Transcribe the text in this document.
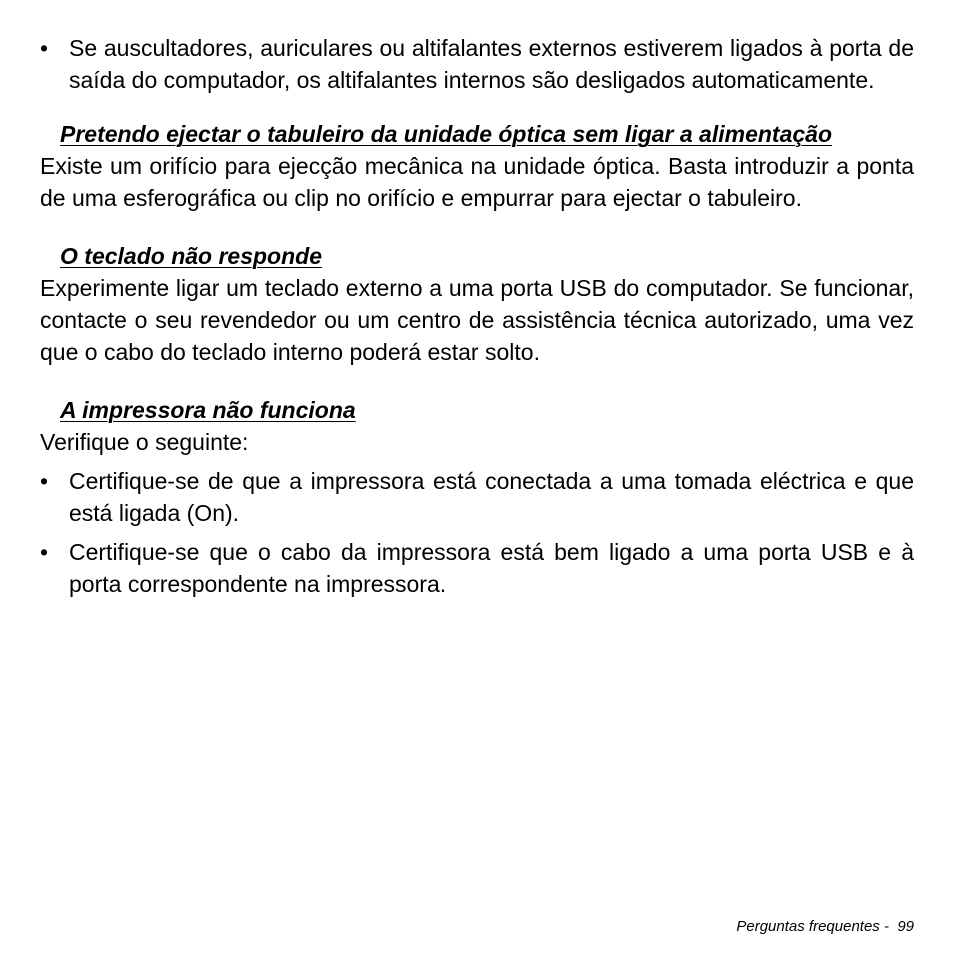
• Se auscultadores, auriculares ou altifalantes externos estiverem ligados à porta de saída do computador, os altifalantes internos são desligados automaticamente.
Pretendo ejectar o tabuleiro da unidade óptica sem ligar a alimentação

Existe um orifício para ejecção mecânica na unidade óptica. Basta introduzir a ponta de uma esferográfica ou clip no orifício e empurrar para ejectar o tabuleiro.

O teclado não responde

Experimente ligar um teclado externo a uma porta USB do computador. Se funcionar, contacte o seu revendedor ou um centro de assistência técnica autorizado, uma vez que o cabo do teclado interno poderá estar solto.

A impressora não funciona

Verifique o seguinte:

• Certifique-se de que a impressora está conectada a uma tomada eléctrica e que está ligada (On).
• Certifique-se que o cabo da impressora está bem ligado a uma porta USB e à porta correspondente na impressora.
Perguntas frequentes - 99
